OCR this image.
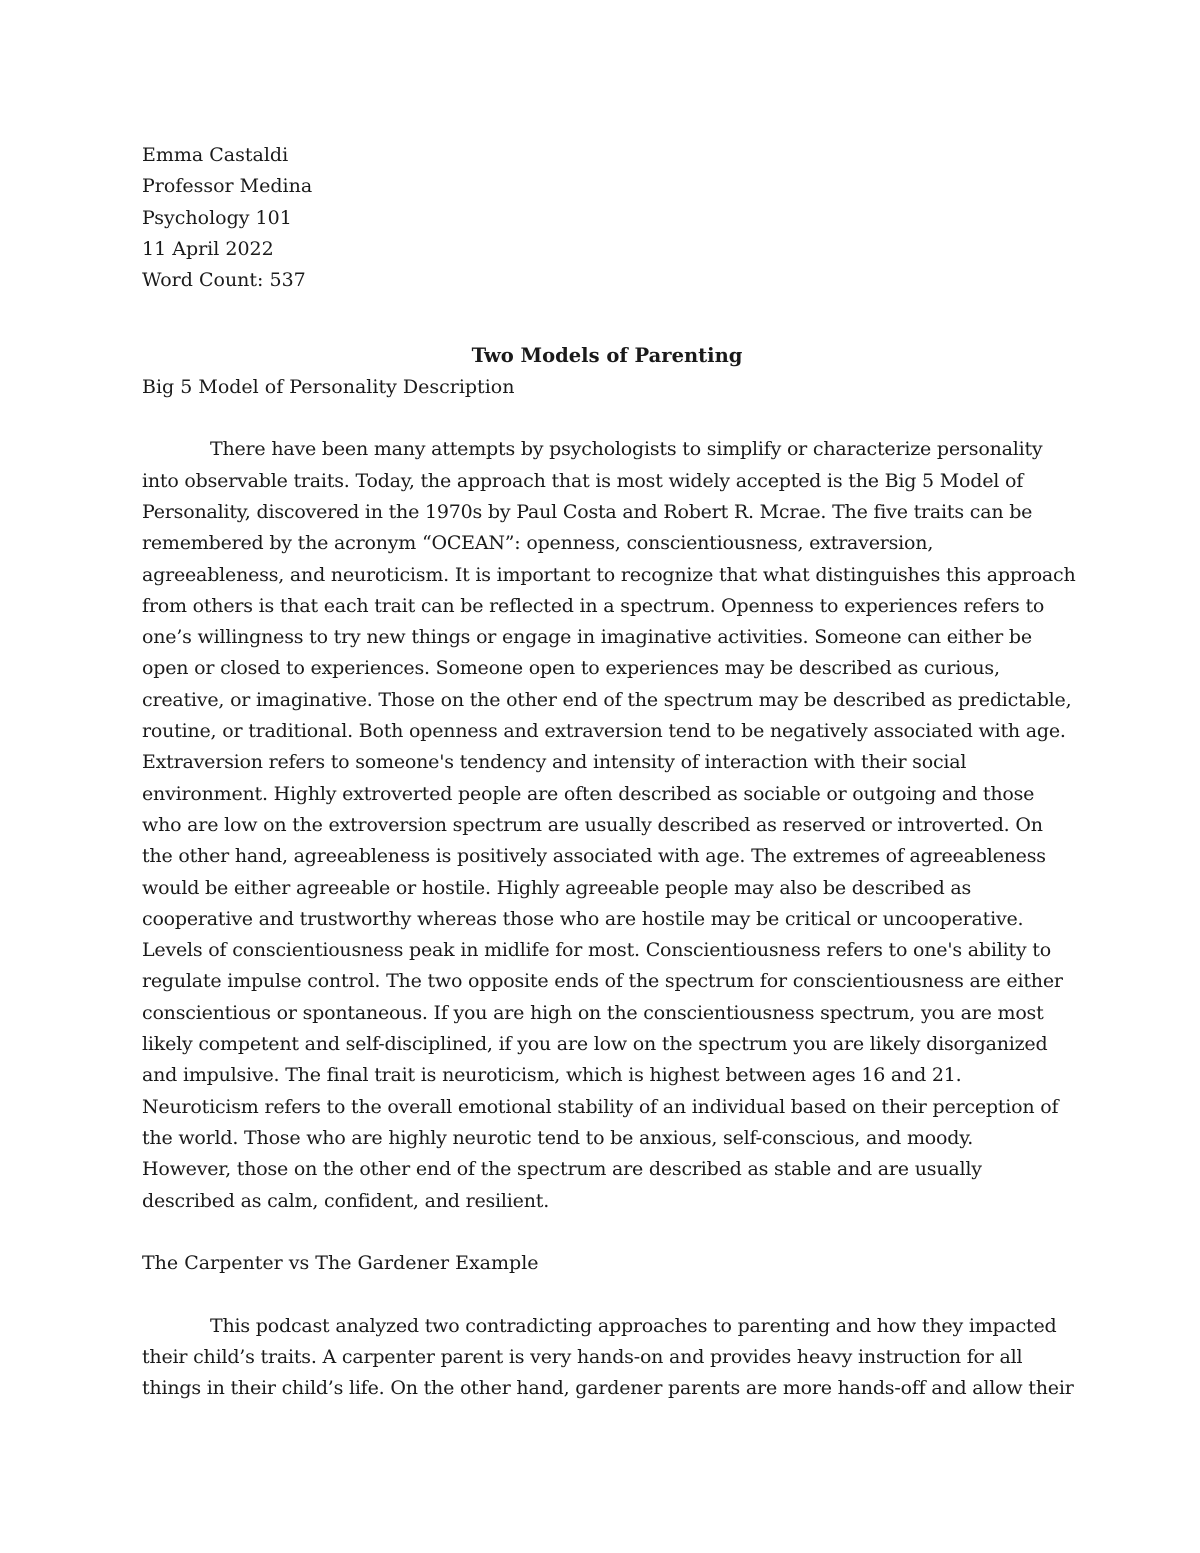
Emma Castaldi

Professor Medina

Psychology 101

11 April 2022

Word Count: 537

Two Models of Parenting

Big 5 Model of Personality Description

There have been many attempts by psychologists to simplify or characterize personality
into observable traits. Today, the approach that is most widely accepted is the Big 5 Model of
Personality, discovered in the 1970s by Paul Costa and Robert R. Mcrae. The five traits can be
remembered by the acronym “OCEAN”: openness, conscientiousness, extraversion,
agreeableness, and neuroticism. It is important to recognize that what distinguishes this approach
from others is that each trait can be reflected in a spectrum. Openness to experiences refers to
one’s willingness to try new things or engage in imaginative activities. Someone can either be
open or closed to experiences. Someone open to experiences may be described as curious,
creative, or imaginative. Those on the other end of the spectrum may be described as predictable,
routine, or traditional. Both openness and extraversion tend to be negatively associated with age.
Extraversion refers to someone's tendency and intensity of interaction with their social
environment. Highly extroverted people are often described as sociable or outgoing and those
who are low on the extroversion spectrum are usually described as reserved or introverted. On
the other hand, agreeableness is positively associated with age. The extremes of agreeableness
would be either agreeable or hostile. Highly agreeable people may also be described as
cooperative and trustworthy whereas those who are hostile may be critical or uncooperative.
Levels of conscientiousness peak in midlife for most. Conscientiousness refers to one's ability to
regulate impulse control. The two opposite ends of the spectrum for conscientiousness are either
conscientious or spontaneous. If you are high on the conscientiousness spectrum, you are most
likely competent and self-disciplined, if you are low on the spectrum you are likely disorganized
and impulsive. The final trait is neuroticism, which is highest between ages 16 and 21.
Neuroticism refers to the overall emotional stability of an individual based on their perception of
the world. Those who are highly neurotic tend to be anxious, self-conscious, and moody.
However, those on the other end of the spectrum are described as stable and are usually
described as calm, confident, and resilient.

The Carpenter vs The Gardener Example

This podcast analyzed two contradicting approaches to parenting and how they impacted
their child’s traits. A carpenter parent is very hands-on and provides heavy instruction for all
things in their child’s life. On the other hand, gardener parents are more hands-off and allow their
